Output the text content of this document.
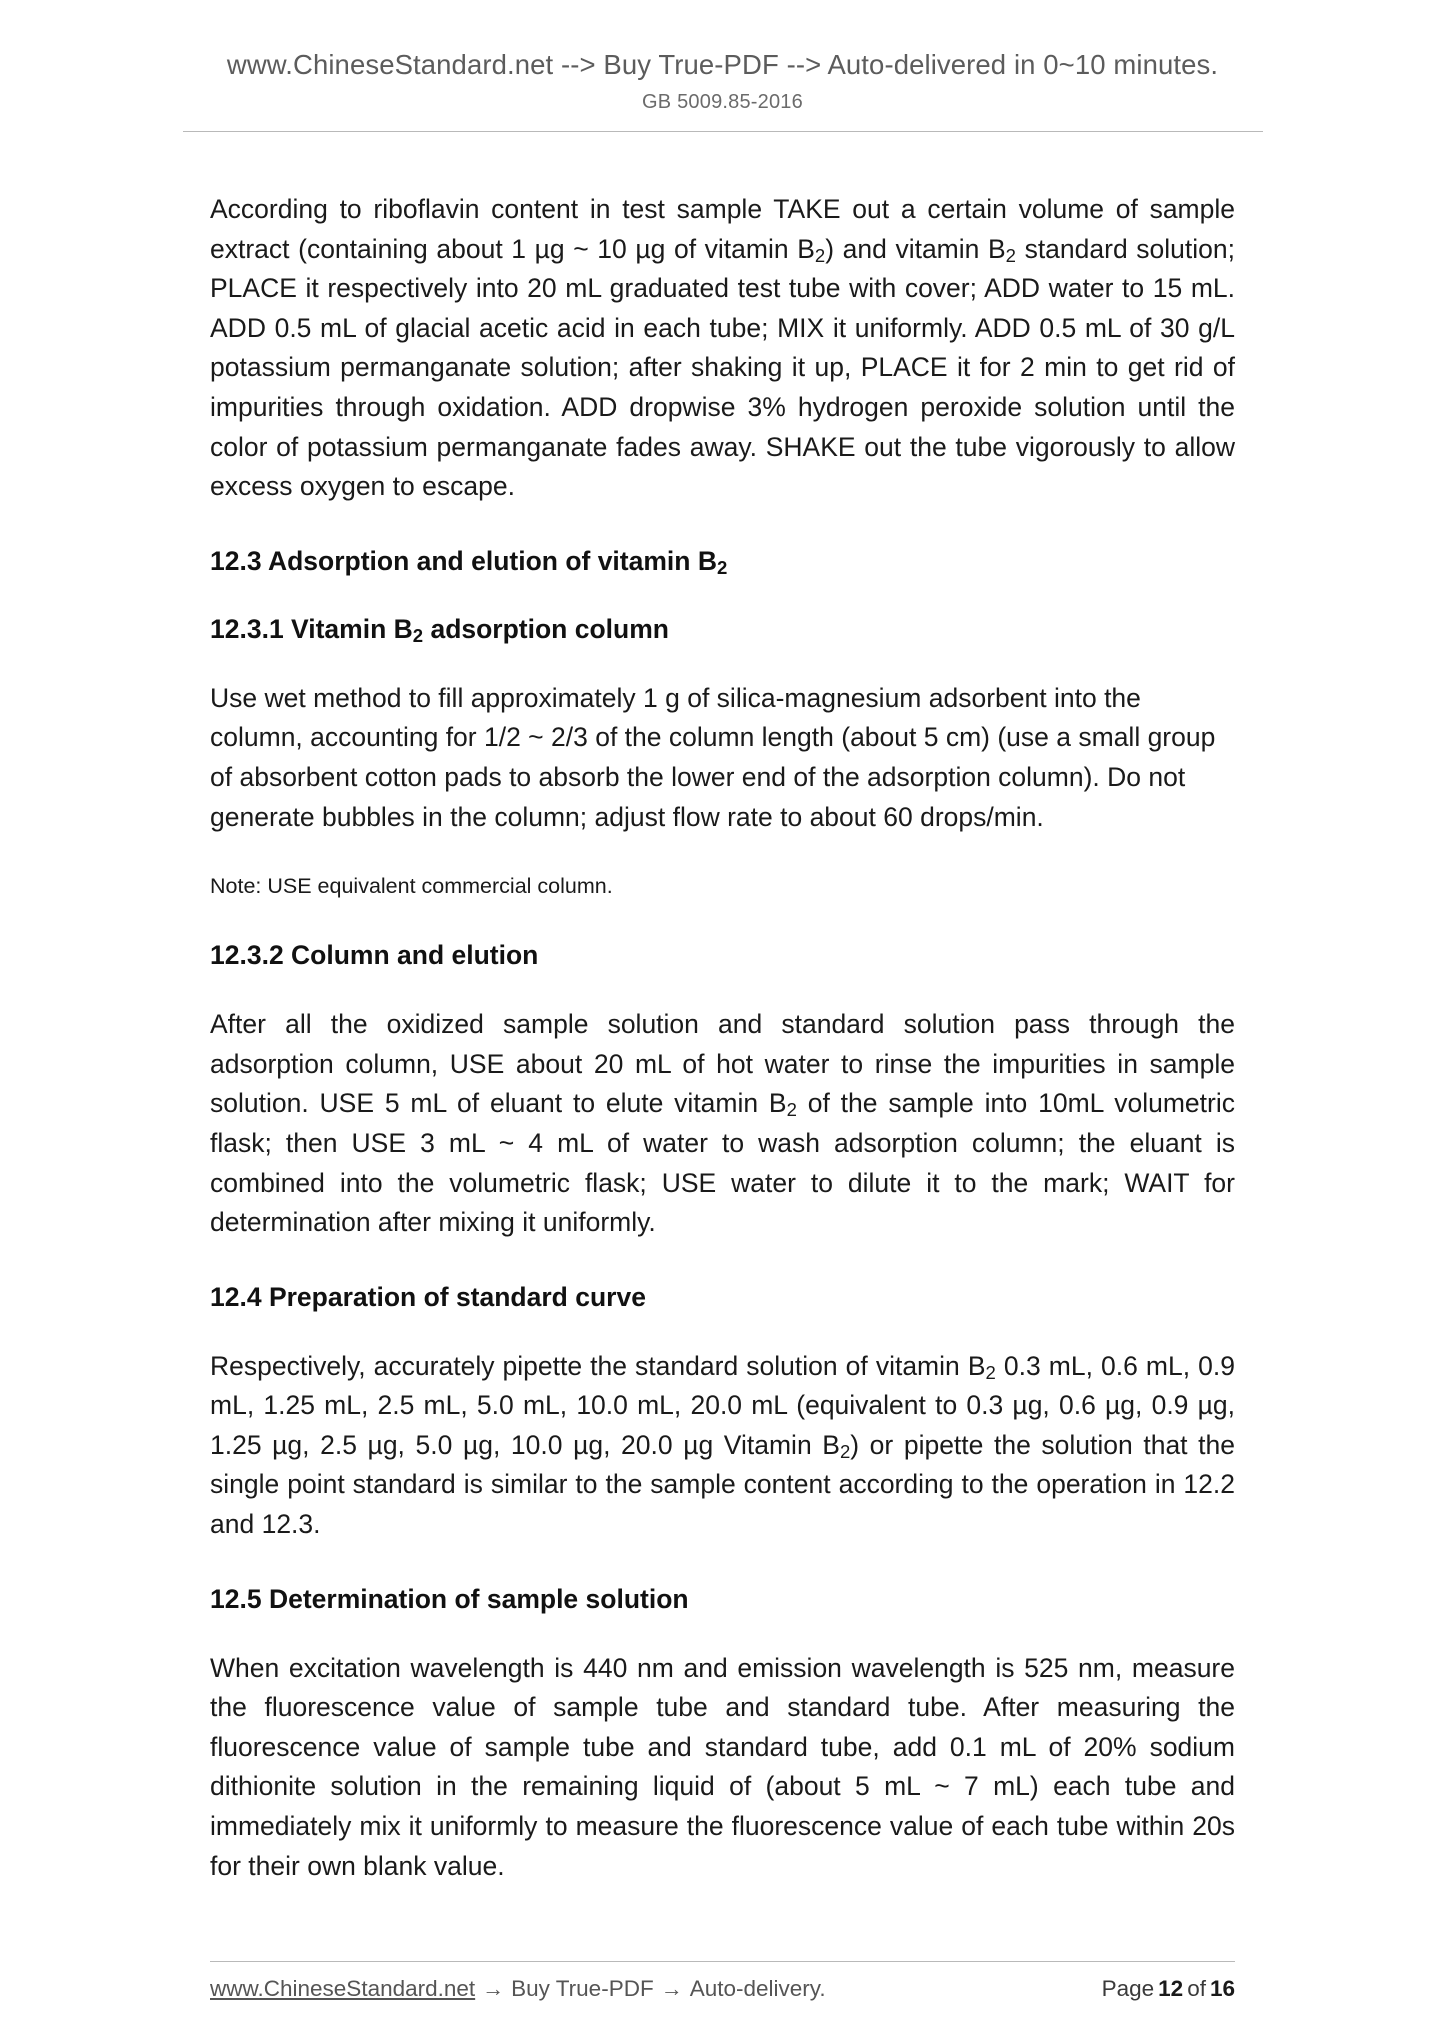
www.ChineseStandard.net --> Buy True-PDF --> Auto-delivered in 0~10 minutes.
GB 5009.85-2016

According to riboflavin content in test sample TAKE out a certain volume of sample extract (containing about 1 µg ~ 10 µg of vitamin $B_2$) and vitamin $B_2$ standard solution; PLACE it respectively into 20 mL graduated test tube with cover; ADD water to 15 mL. ADD 0.5 mL of glacial acetic acid in each tube; MIX it uniformly. ADD 0.5 mL of 30 g/L potassium permanganate solution; after shaking it up, PLACE it for 2 min to get rid of impurities through oxidation. ADD dropwise 3% hydrogen peroxide solution until the color of potassium permanganate fades away. SHAKE out the tube vigorously to allow excess oxygen to escape.

12.3 Adsorption and elution of vitamin $B_2$
12.3.1 Vitamin $B_2$ adsorption column

Use wet method to fill approximately 1 g of silica-magnesium adsorbent into the column, accounting for 1/2 ~ 2/3 of the column length (about 5 cm) (use a small group of absorbent cotton pads to absorb the lower end of the adsorption column). Do not generate bubbles in the column; adjust flow rate to about 60 drops/min.

Note: USE equivalent commercial column.

12.3.2 Column and elution

After all the oxidized sample solution and standard solution pass through the adsorption column, USE about 20 mL of hot water to rinse the impurities in sample solution. USE 5 mL of eluant to elute vitamin $B_2$ of the sample into 10mL volumetric flask; then USE 3 mL ~ 4 mL of water to wash adsorption column; the eluant is combined into the volumetric flask; USE water to dilute it to the mark; WAIT for determination after mixing it uniformly.

12.4 Preparation of standard curve

Respectively, accurately pipette the standard solution of vitamin $B_2$ 0.3 mL, 0.6 mL, 0.9 mL, 1.25 mL, 2.5 mL, 5.0 mL, 10.0 mL, 20.0 mL (equivalent to 0.3 µg, 0.6 µg, 0.9 µg, 1.25 µg, 2.5 µg, 5.0 µg, 10.0 µg, 20.0 µg Vitamin $B_2$) or pipette the solution that the single point standard is similar to the sample content according to the operation in 12.2 and 12.3.

12.5 Determination of sample solution

When excitation wavelength is 440 nm and emission wavelength is 525 nm, measure the fluorescence value of sample tube and standard tube. After measuring the fluorescence value of sample tube and standard tube, add 0.1 mL of 20% sodium dithionite solution in the remaining liquid of (about 5 mL ~ 7 mL) each tube and immediately mix it uniformly to measure the fluorescence value of each tube within 20s for their own blank value.

www.ChineseStandard.net → Buy True-PDF → Auto-delivery.	Page 12 of 16
